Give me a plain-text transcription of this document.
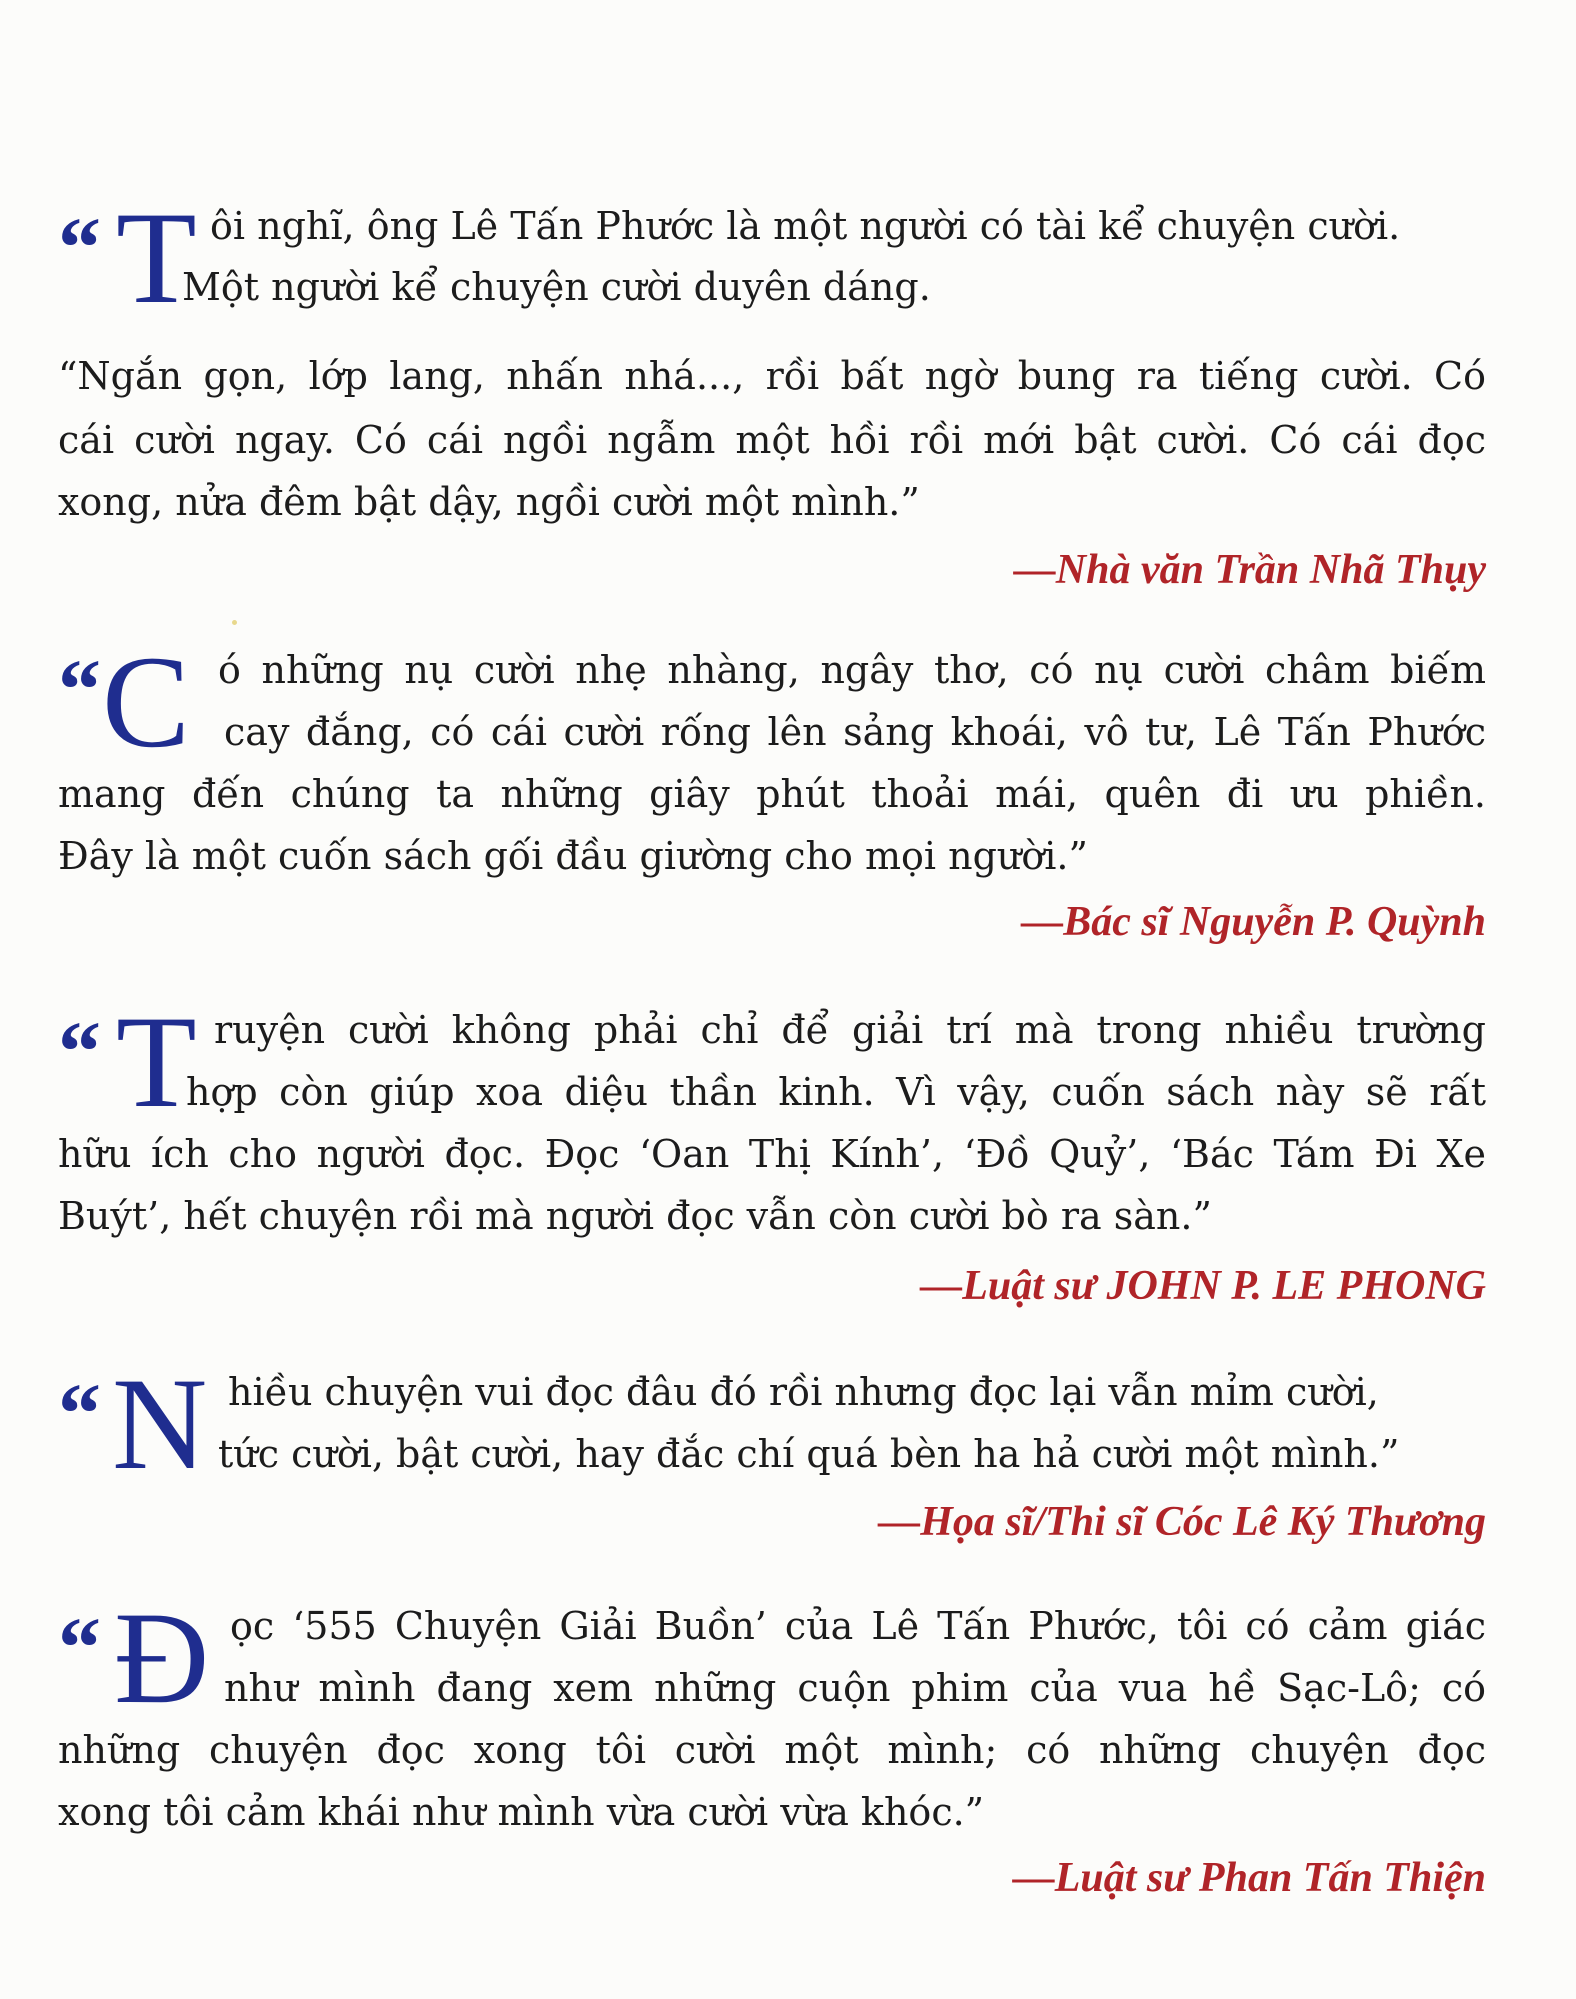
“ T ôi nghĩ, ông Lê Tấn Phước là một người có tài kể chuyện cười.
Một người kể chuyện cười duyên dáng.
“Ngắn gọn, lớp lang, nhấn nhá..., rồi bất ngờ bung ra tiếng cười. Có
cái cười ngay. Có cái ngồi ngẫm một hồi rồi mới bật cười. Có cái đọc
xong, nửa đêm bật dậy, ngồi cười một mình.”
—Nhà văn Trần Nhã Thụy
“ C ó những nụ cười nhẹ nhàng, ngây thơ, có nụ cười châm biếm
cay đắng, có cái cười rống lên sảng khoái, vô tư, Lê Tấn Phước
mang đến chúng ta những giây phút thoải mái, quên đi ưu phiền.
Đây là một cuốn sách gối đầu giường cho mọi người.”
—Bác sĩ Nguyễn P. Quỳnh
“ T ruyện cười không phải chỉ để giải trí mà trong nhiều trường
hợp còn giúp xoa diệu thần kinh. Vì vậy, cuốn sách này sẽ rất
hữu ích cho người đọc. Đọc ‘Oan Thị Kính’, ‘Đồ Quỷ’, ‘Bác Tám Đi Xe
Buýt’, hết chuyện rồi mà người đọc vẫn còn cười bò ra sàn.”
—Luật sư JOHN P. LE PHONG
“ N hiều chuyện vui đọc đâu đó rồi nhưng đọc lại vẫn mỉm cười,
tức cười, bật cười, hay đắc chí quá bèn ha hả cười một mình.”
—Họa sĩ/Thi sĩ Cóc Lê Ký Thương
“ Đ ọc ‘555 Chuyện Giải Buồn’ của Lê Tấn Phước, tôi có cảm giác
như mình đang xem những cuộn phim của vua hề Sạc-Lô; có
những chuyện đọc xong tôi cười một mình; có những chuyện đọc
xong tôi cảm khái như mình vừa cười vừa khóc.”
—Luật sư Phan Tấn Thiện
